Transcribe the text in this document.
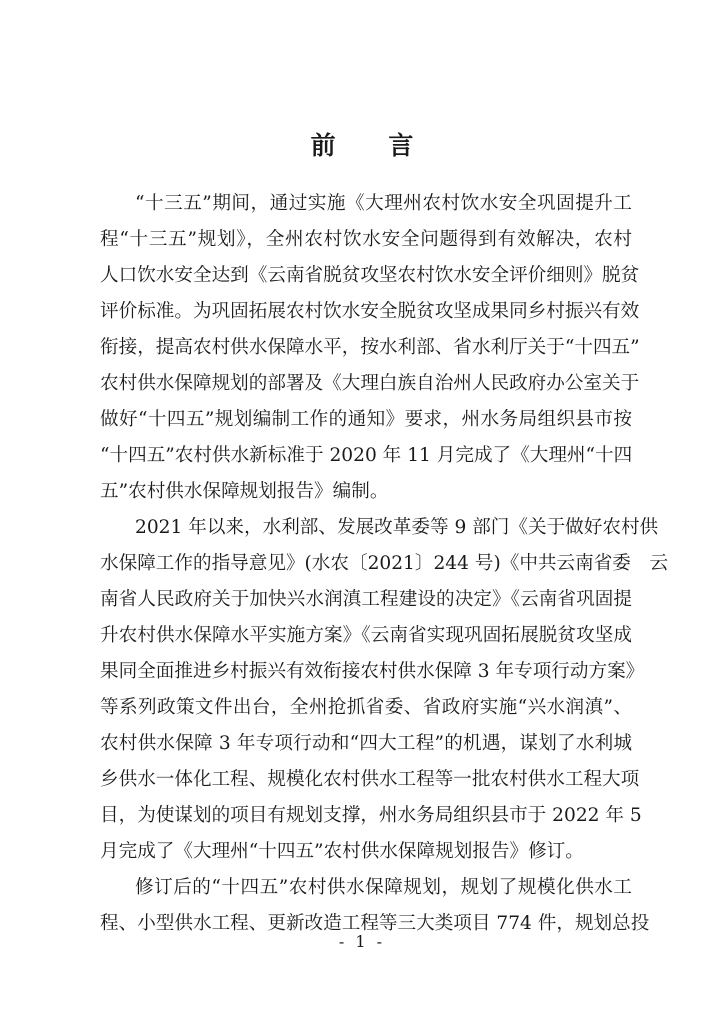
前 言

“十三五”期间，通过实施《大理州农村饮水安全巩固提升工

程“十三五”规划》，全州农村饮水安全问题得到有效解决，农村

人口饮水安全达到《云南省脱贫攻坚农村饮水安全评价细则》脱贫

评价标准。为巩固拓展农村饮水安全脱贫攻坚成果同乡村振兴有效

衔接，提高农村供水保障水平，按水利部、省水利厅关于“十四五”

农村供水保障规划的部署及《大理白族自治州人民政府办公室关于

做好“十四五”规划编制工作的通知》要求，州水务局组织县市按

“十四五”农村供水新标准于 2020 年 11 月完成了《大理州“十四

五”农村供水保障规划报告》编制。

2021 年以来，水利部、发展改革委等 9 部门《关于做好农村供

水保障工作的指导意见》(水农〔2021〕244 号)《中共云南省委　云

南省人民政府关于加快兴水润滇工程建设的决定》《云南省巩固提

升农村供水保障水平实施方案》《云南省实现巩固拓展脱贫攻坚成

果同全面推进乡村振兴有效衔接农村供水保障 3 年专项行动方案》

等系列政策文件出台，全州抢抓省委、省政府实施“兴水润滇”、

农村供水保障 3 年专项行动和“四大工程”的机遇，谋划了水利城

乡供水一体化工程、规模化农村供水工程等一批农村供水工程大项

目，为使谋划的项目有规划支撑，州水务局组织县市于 2022 年 5

月完成了《大理州“十四五”农村供水保障规划报告》修订。

修订后的“十四五”农村供水保障规划，规划了规模化供水工

程、小型供水工程、更新改造工程等三大类项目 774 件，规划总投

- 1 -
